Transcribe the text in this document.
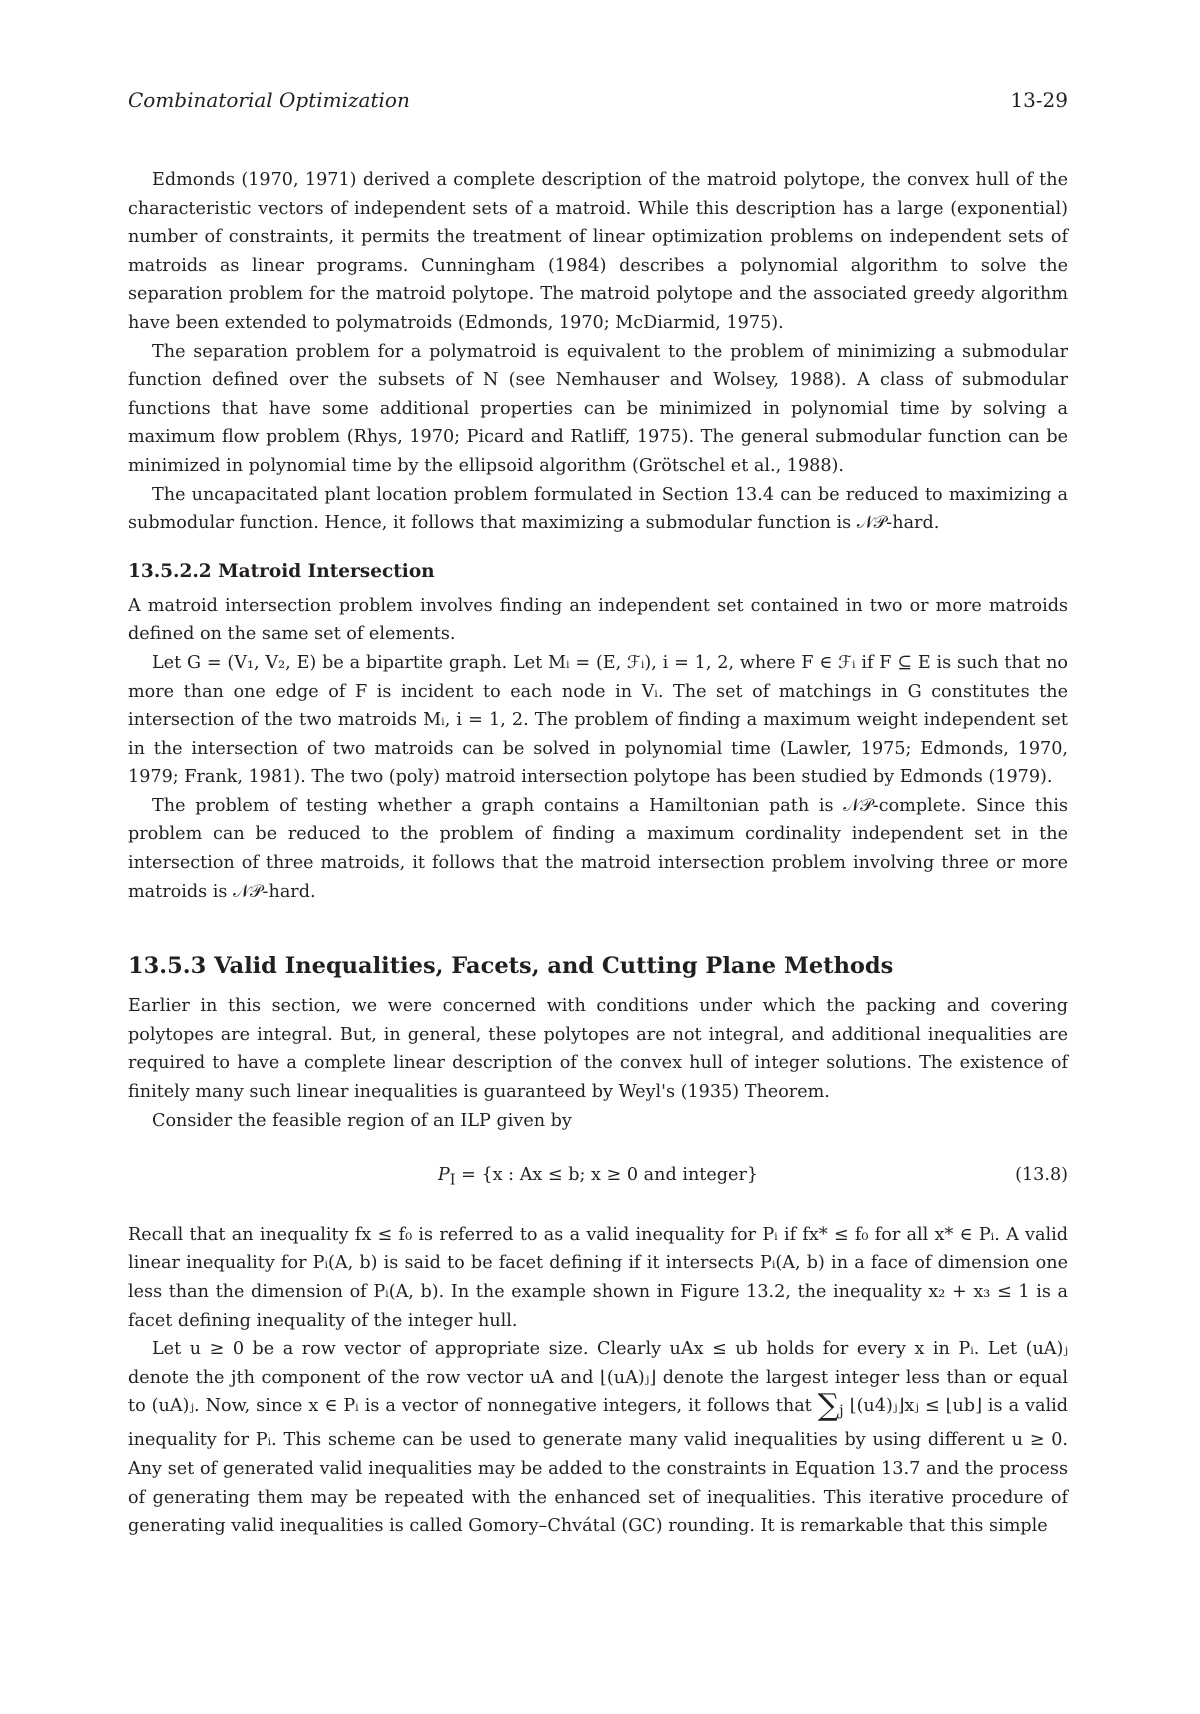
Combinatorial Optimization	13-29

Edmonds (1970, 1971) derived a complete description of the matroid polytope, the convex hull of the characteristic vectors of independent sets of a matroid. While this description has a large (exponential) number of constraints, it permits the treatment of linear optimization problems on independent sets of matroids as linear programs. Cunningham (1984) describes a polynomial algorithm to solve the separation problem for the matroid polytope. The matroid polytope and the associated greedy algorithm have been extended to polymatroids (Edmonds, 1970; McDiarmid, 1975).

The separation problem for a polymatroid is equivalent to the problem of minimizing a submodular function defined over the subsets of N (see Nemhauser and Wolsey, 1988). A class of submodular functions that have some additional properties can be minimized in polynomial time by solving a maximum flow problem (Rhys, 1970; Picard and Ratliff, 1975). The general submodular function can be minimized in polynomial time by the ellipsoid algorithm (Grötschel et al., 1988).

The uncapacitated plant location problem formulated in Section 13.4 can be reduced to maximizing a submodular function. Hence, it follows that maximizing a submodular function is 𝒩𝒫-hard.

13.5.2.2 Matroid Intersection

A matroid intersection problem involves finding an independent set contained in two or more matroids defined on the same set of elements.

Let G = (V₁, V₂, E) be a bipartite graph. Let Mᵢ = (E, ℱᵢ), i = 1, 2, where F ∈ ℱᵢ if F ⊆ E is such that no more than one edge of F is incident to each node in Vᵢ. The set of matchings in G constitutes the intersection of the two matroids Mᵢ, i = 1, 2. The problem of finding a maximum weight independent set in the intersection of two matroids can be solved in polynomial time (Lawler, 1975; Edmonds, 1970, 1979; Frank, 1981). The two (poly) matroid intersection polytope has been studied by Edmonds (1979).

The problem of testing whether a graph contains a Hamiltonian path is 𝒩𝒫-complete. Since this problem can be reduced to the problem of finding a maximum cordinality independent set in the intersection of three matroids, it follows that the matroid intersection problem involving three or more matroids is 𝒩𝒫-hard.

13.5.3 Valid Inequalities, Facets, and Cutting Plane Methods

Earlier in this section, we were concerned with conditions under which the packing and covering polytopes are integral. But, in general, these polytopes are not integral, and additional inequalities are required to have a complete linear description of the convex hull of integer solutions. The existence of finitely many such linear inequalities is guaranteed by Weyl's (1935) Theorem.

Consider the feasible region of an ILP given by

$P_I = \{x$ : Ax ≤ b; x ≥ 0 and integer}	(13.8)

Recall that an inequality fx ≤ f₀ is referred to as a valid inequality for Pᵢ if fx* ≤ f₀ for all x* ∈ Pᵢ. A valid linear inequality for Pᵢ(A, b) is said to be facet defining if it intersects Pᵢ(A, b) in a face of dimension one less than the dimension of Pᵢ(A, b). In the example shown in Figure 13.2, the inequality x₂ + x₃ ≤ 1 is a facet defining inequality of the integer hull.

Let u ≥ 0 be a row vector of appropriate size. Clearly uAx ≤ ub holds for every x in Pᵢ. Let (uA)ⱼ denote the jth component of the row vector uA and ⌊(uA)ⱼ⌋ denote the largest integer less than or equal to (uA)ⱼ. Now, since x ∈ Pᵢ is a vector of nonnegative integers, it follows that $\sum_j$ ⌊(u4)ⱼ⌋xⱼ ≤ ⌊ub⌋ is a valid inequality for Pᵢ. This scheme can be used to generate many valid inequalities by using different u ≥ 0. Any set of generated valid inequalities may be added to the constraints in Equation 13.7 and the process of generating them may be repeated with the enhanced set of inequalities. This iterative procedure of generating valid inequalities is called Gomory–Chvátal (GC) rounding. It is remarkable that this simple
